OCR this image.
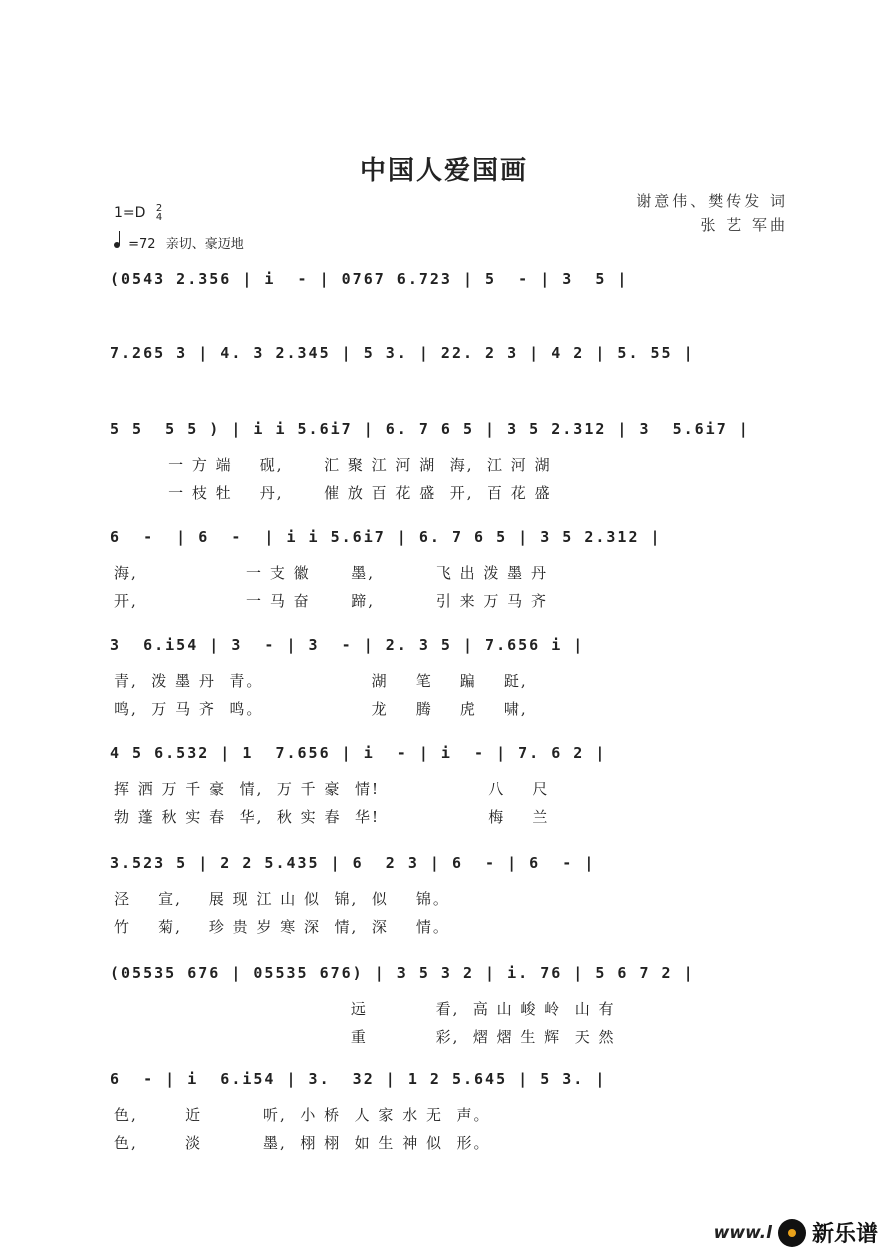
中国人爱国画
谢意伟、樊传发 词
张 艺 军曲
1=D 2
4
=72 亲切、豪迈地
(0543 2.356 | i  - | 0767 6.723 | 5  - | 3  5 |
7.265 3 | 4. 3 2.345 | 5 3. | 22. 2 3 | 4 2 | 5. 55 |
5 5  5 5 ) | i i 5.6i7 | 6. 7 6 5 | 3 5 2.312 | 3  5.6i7 |
一 方 端    砚,      汇 聚 江 河 湖  海,  江 河 湖
一 枝 牡    丹,      催 放 百 花 盛  开,  百 花 盛
6  -  | 6  -  | i i 5.6i7 | 6. 7 6 5 | 3 5 2.312 |
海,                一 支 徽      墨,         飞 出 泼 墨 丹
开,                一 马 奋      蹄,         引 来 万 马 齐
3  6.i54 | 3  - | 3  - | 2. 3 5 | 7.656 i |
青,  泼 墨 丹  青。                湖    笔    蹁    跹,
鸣,  万 马 齐  鸣。                龙    腾    虎    啸,
4 5 6.532 | 1  7.656 | i  - | i  - | 7. 6 2 |
挥 洒 万 千 豪  情,  万 千 豪  情!                八    尺
勃 蓬 秋 实 春  华,  秋 实 春  华!                梅    兰
3.523 5 | 2 2 5.435 | 6  2 3 | 6  - | 6  - |
泾    宣,    展 现 江 山 似  锦,  似    锦。
竹    菊,    珍 贵 岁 寒 深  情,  深    情。
(05535 676 | 05535 676) | 3 5 3 2 | i. 76 | 5 6 7 2 |
远          看,  高 山 峻 岭  山 有
重          彩,  熠 熠 生 辉  天 然
6  - | i  6.i54 | 3.  32 | 1 2 5.645 | 5 3. |
色,       近         听,  小 桥  人 家 水 无  声。
色,       淡         墨,  栩 栩  如 生 神 似  形。
www.l 新乐谱
